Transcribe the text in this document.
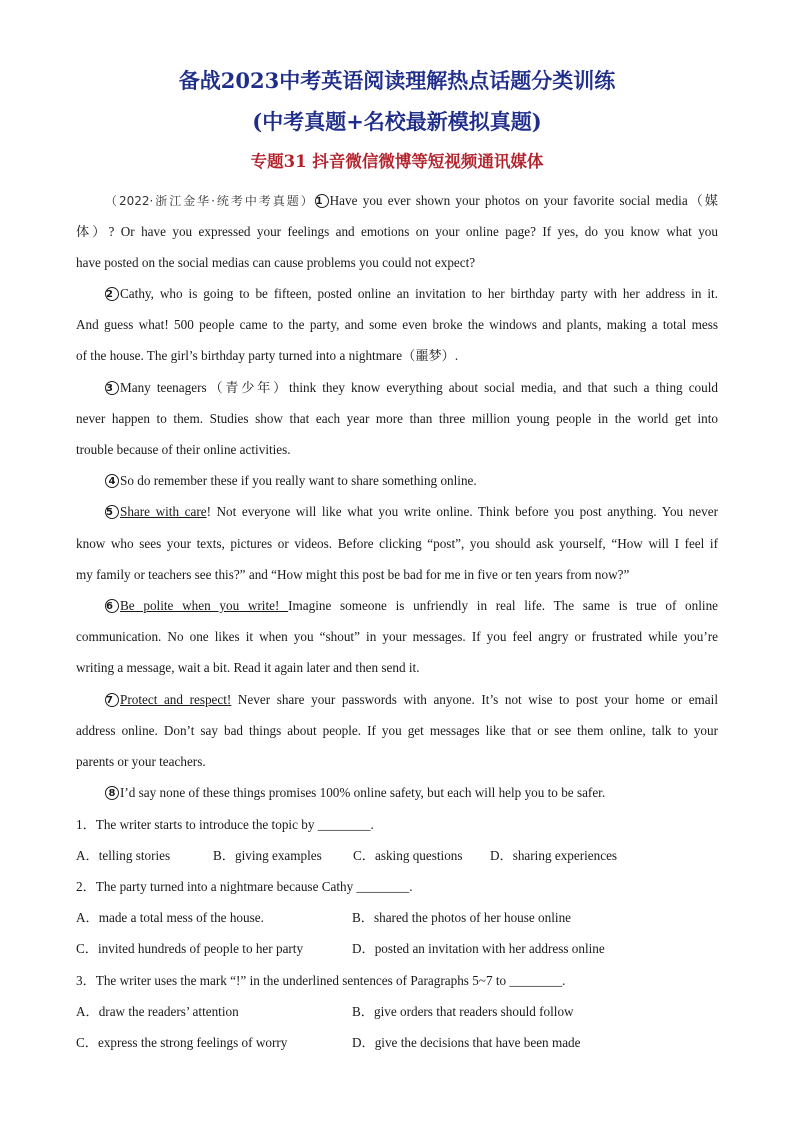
备战2023中考英语阅读理解热点话题分类训练
(中考真题+名校最新模拟真题)
专题31 抖音微信微博等短视频通讯媒体
（2022·浙江金华·统考中考真题）1 Have you ever shown your photos on your favorite social media（媒
体）? Or have you expressed your feelings and emotions on your online page? If yes, do you know what you
have posted on the social medias can cause problems you could not expect?
2 Cathy, who is going to be fifteen, posted online an invitation to her birthday party with her address in it.
And guess what! 500 people came to the party, and some even broke the windows and plants, making a total mess
of the house. The girl’s birthday party turned into a nightmare（噩梦）.
3 Many teenagers（青少年）think they know everything about social media, and that such a thing could
never happen to them. Studies show that each year more than three million young people in the world get into
trouble because of their online activities.
4 So do remember these if you really want to share something online.
5 Share with care! Not everyone will like what you write online. Think before you post anything. You never
know who sees your texts, pictures or videos. Before clicking “post”, you should ask yourself, “How will I feel if
my family or teachers see this?” and “How might this post be bad for me in five or ten years from now?”
6 Be polite when you write! Imagine someone is unfriendly in real life. The same is true of online
communication. No one likes it when you “shout” in your messages. If you feel angry or frustrated while you’re
writing a message, wait a bit. Read it again later and then send it.
7 Protect and respect! Never share your passwords with anyone. It’s not wise to post your home or email
address online. Don’t say bad things about people. If you get messages like that or see them online, talk to your
parents or your teachers.
8 I’d say none of these things promises 100% online safety, but each will help you to be safer.
1．The writer starts to introduce the topic by ________.
A．telling stories	B．giving examples C．asking questions D．sharing experiences
2．The party turned into a nightmare because Cathy ________.
A．made a total mess of the house.	B．shared the photos of her house online
C．invited hundreds of people to her party	D．posted an invitation with her address online
3．The writer uses the mark “!” in the underlined sentences of Paragraphs 5~7 to ________.
A．draw the readers’ attention	B．give orders that readers should follow
C．express the strong feelings of worry	D．give the decisions that have been made
